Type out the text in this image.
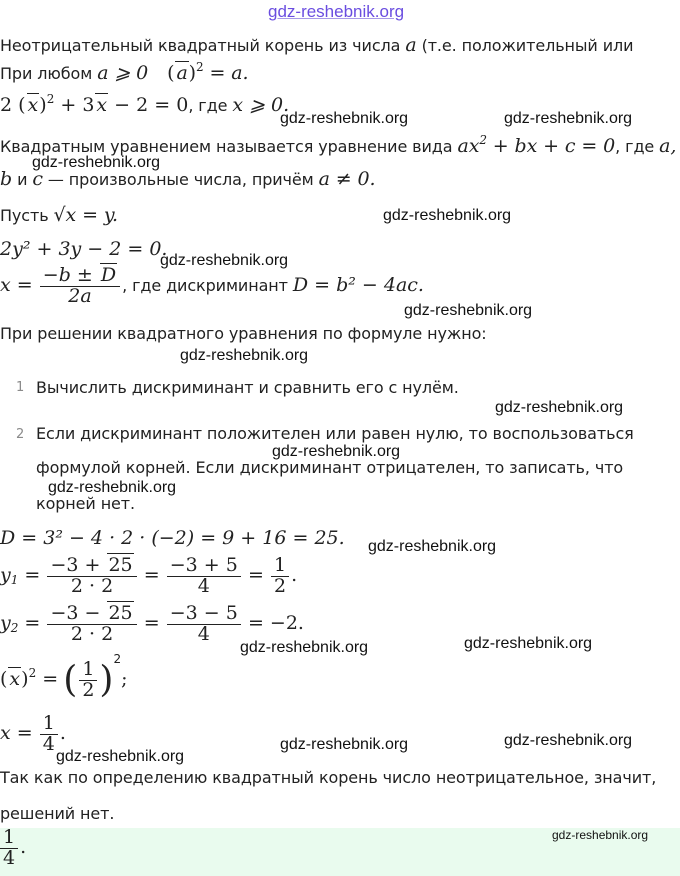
gdz-reshebnik.org
Неотрицательный квадратный корень из числа a (т.е. положительный или
При любом a ⩾ 0 ( a)$^2$ = a.
2 ( x)$^2$ + 3 x − 2 = 0, где x ⩾ 0.
gdz-reshebnik.org	gdz-reshebnik.org
Квадратным уравнением называется уравнение вида $ax^2$ + bx + c = 0, где a,
gdz-reshebnik.org
b и c — произвольные числа, причём a ≠ 0.
Пусть √x = y.	gdz-reshebnik.org
2y² + 3y − 2 = 0.
gdz-reshebnik.org
$x = \frac{-b \pm D}{2a}$ , где дискриминант D = b² − 4ac.
gdz-reshebnik.org
При решении квадратного уравнения по формуле нужно:
gdz-reshebnik.org
1 Вычислить дискриминант и сравнить его с нулём.
gdz-reshebnik.org
2 Если дискриминант положителен или равен нулю, то воспользоваться
gdz-reshebnik.org
формулой корней. Если дискриминант отрицателен, то записать, что
gdz-reshebnik.org
корней нет.
D = 3² − 4 · 2 · (−2) = 9 + 16 = 25. gdz-reshebnik.org
$y_1 = \frac{-3 + 25}{2 \cdot 2} = \frac{-3 + 5}{4} = \frac{1}{2}$ .
$y_2 = \frac{-3 - 25}{2 \cdot 2} = \frac{-3 - 5}{4} = -2$.
gdz-reshebnik.org	gdz-reshebnik.org
( x)$^2$ = ( $\frac{1}{2} )^2$;
$x = \frac{1}{4}$ .
gdz-reshebnik.org
gdz-reshebnik.org	gdz-reshebnik.org
Так как по определению квадратный корень число неотрицательное, значит,
решений нет.
$\frac{1}{4}$ .
gdz-reshebnik.org
